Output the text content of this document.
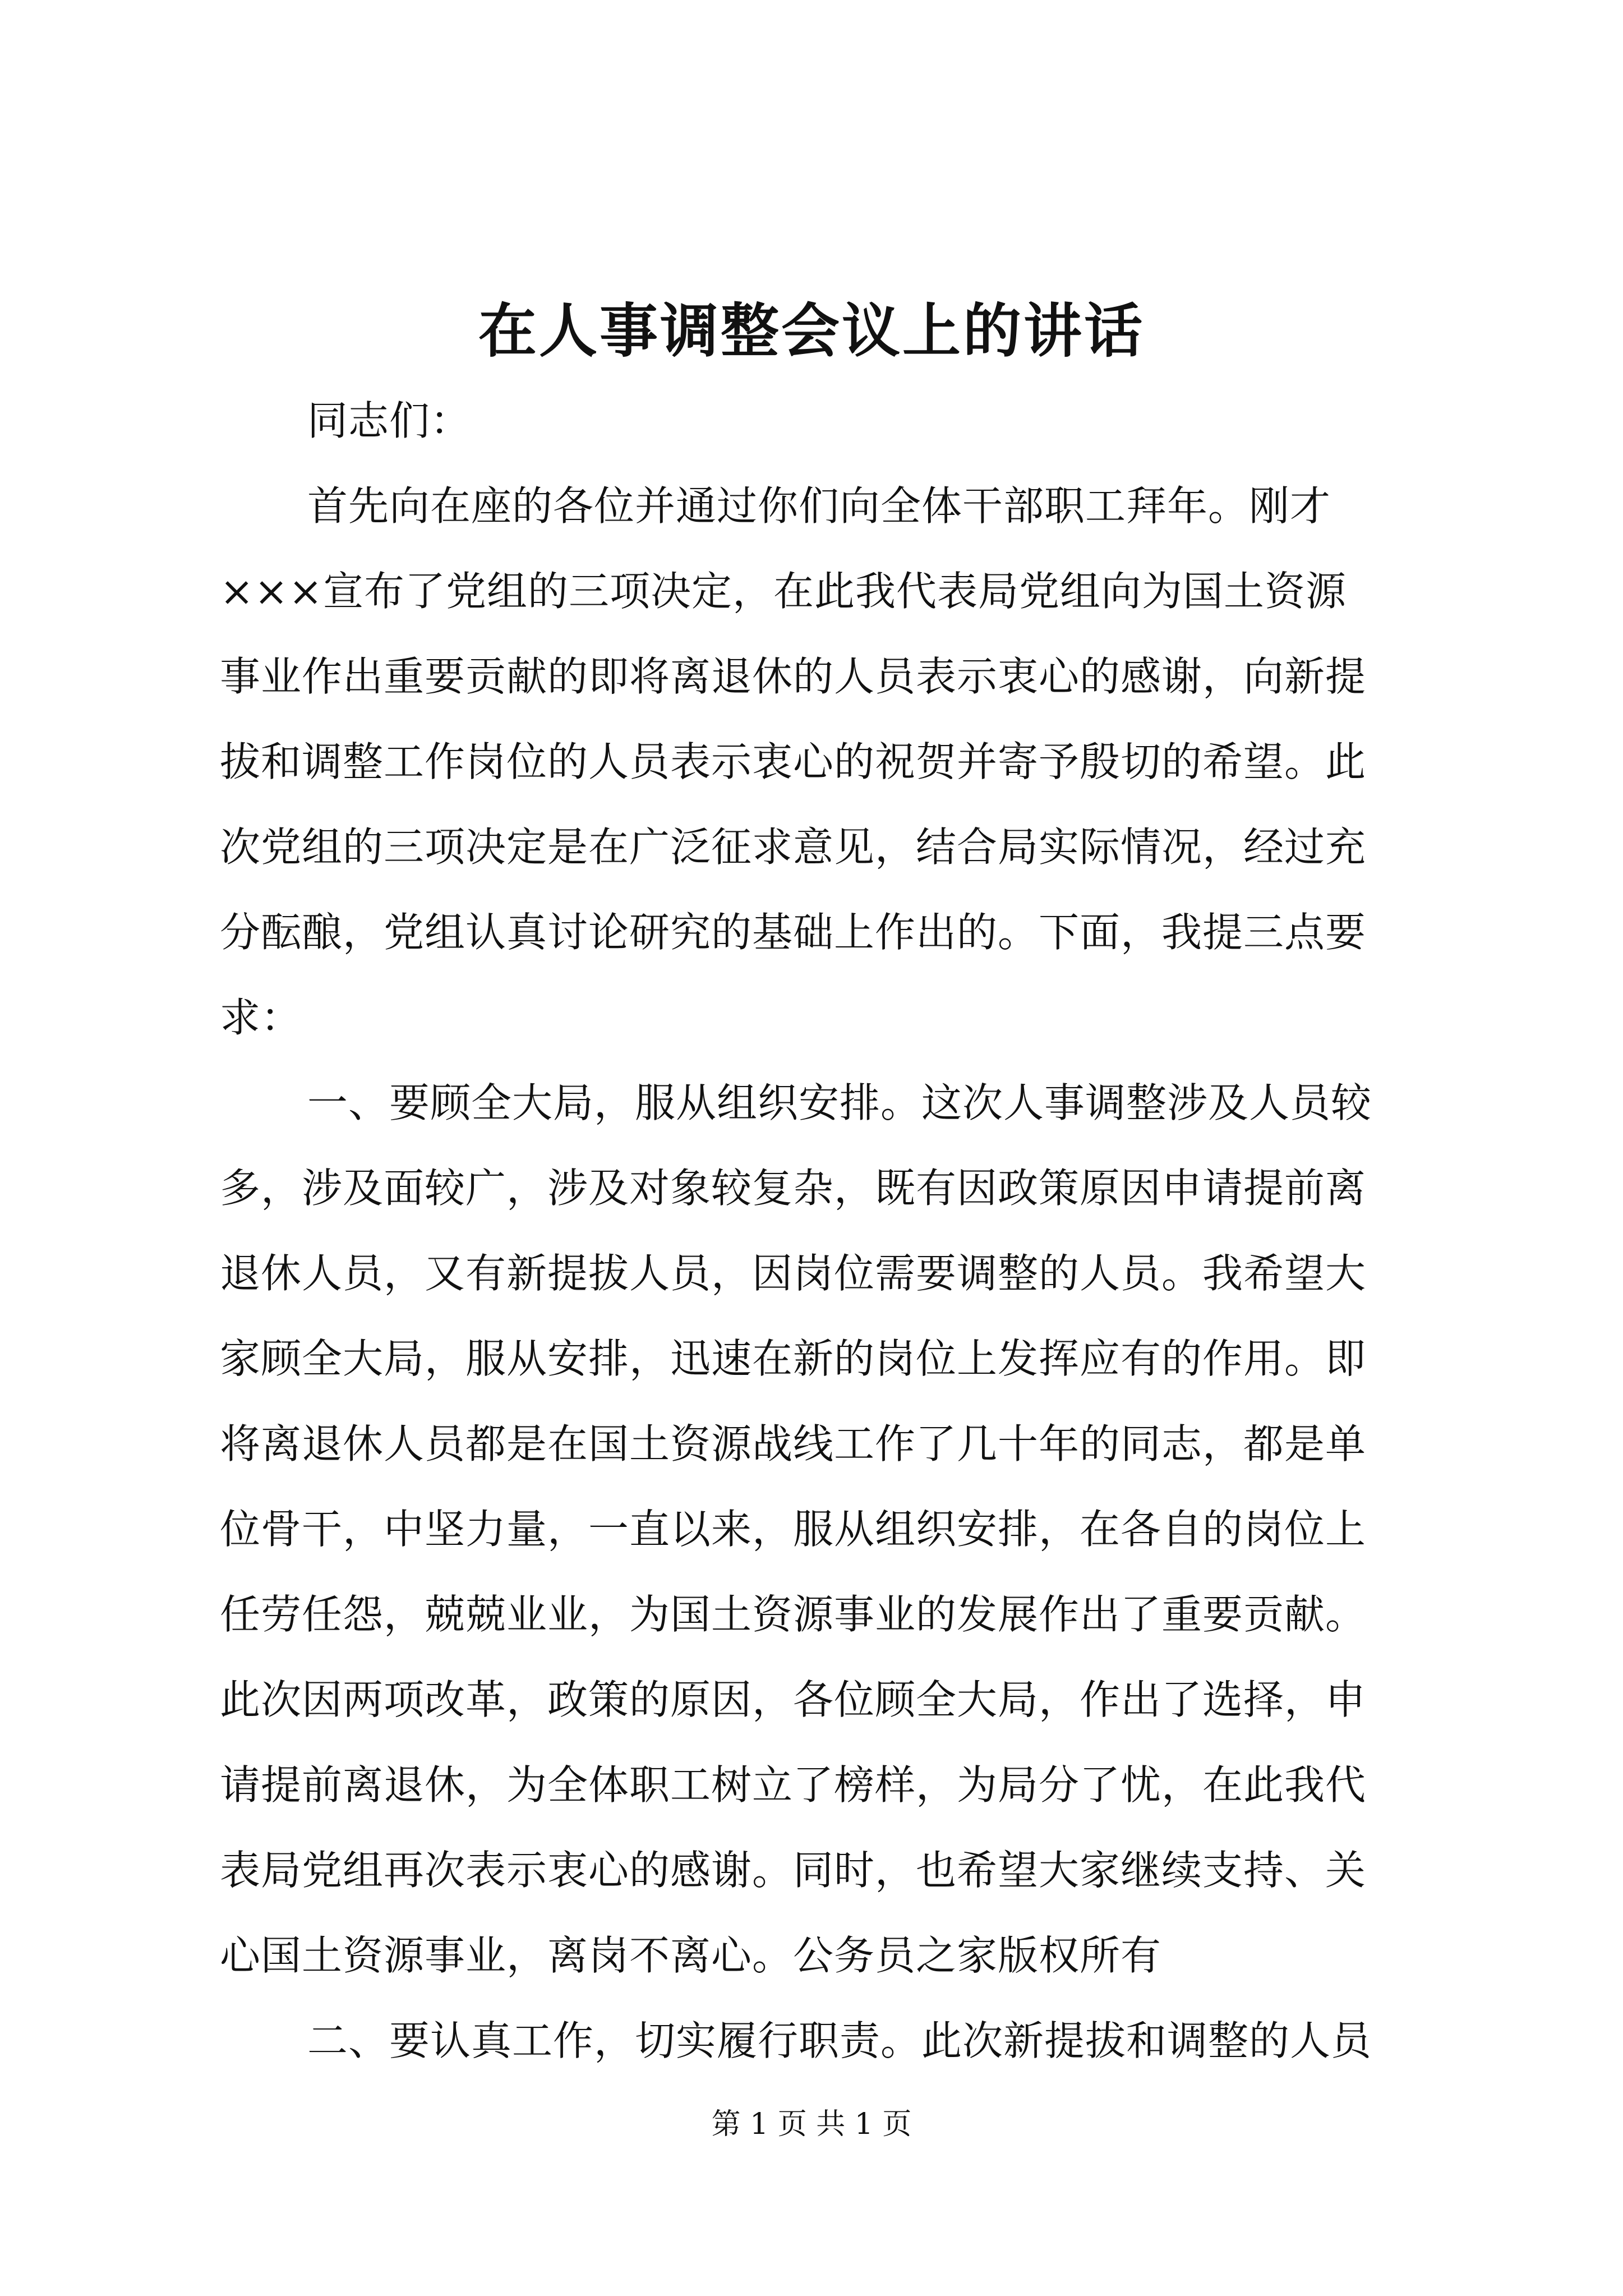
在人事调整会议上的讲话
同志们：
首先向在座的各位并通过你们向全体干部职工拜年。刚才
×××宣布了党组的三项决定，在此我代表局党组向为国土资源
事业作出重要贡献的即将离退休的人员表示衷心的感谢，向新提
拔和调整工作岗位的人员表示衷心的祝贺并寄予殷切的希望。此
次党组的三项决定是在广泛征求意见，结合局实际情况，经过充
分酝酿，党组认真讨论研究的基础上作出的。下面，我提三点要
求：
一、要顾全大局，服从组织安排。这次人事调整涉及人员较
多，涉及面较广，涉及对象较复杂，既有因政策原因申请提前离
退休人员，又有新提拔人员，因岗位需要调整的人员。我希望大
家顾全大局，服从安排，迅速在新的岗位上发挥应有的作用。即
将离退休人员都是在国土资源战线工作了几十年的同志，都是单
位骨干，中坚力量，一直以来，服从组织安排，在各自的岗位上
任劳任怨，兢兢业业，为国土资源事业的发展作出了重要贡献。
此次因两项改革，政策的原因，各位顾全大局，作出了选择，申
请提前离退休，为全体职工树立了榜样，为局分了忧，在此我代
表局党组再次表示衷心的感谢。同时，也希望大家继续支持、关
心国土资源事业，离岗不离心。公务员之家版权所有
二、要认真工作，切实履行职责。此次新提拔和调整的人员
第 1 页 共 1 页
